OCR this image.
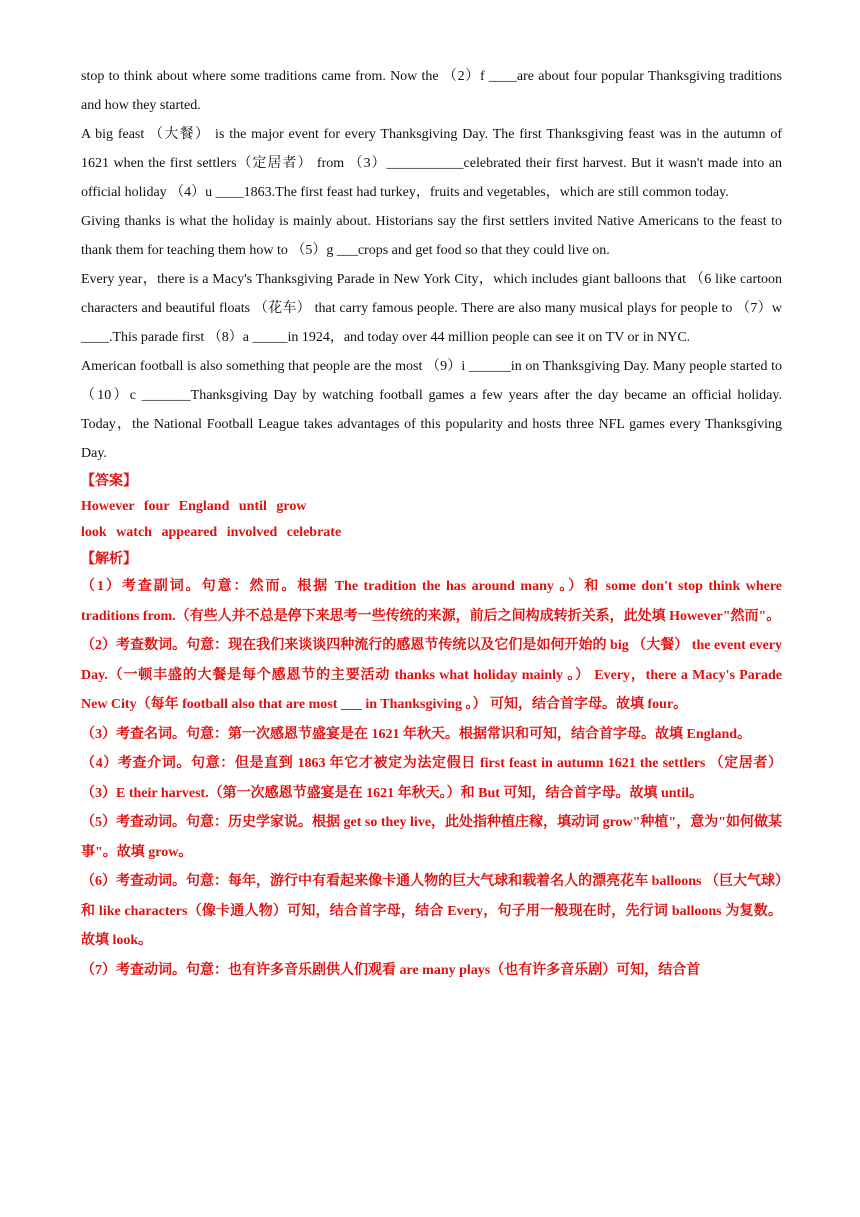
stop to think about where some traditions came from. Now the （2）f ____are about four popular Thanksgiving traditions and how they started.

A big feast （大餐） is the major event for every Thanksgiving Day. The first Thanksgiving feast was in the autumn of 1621 when the first settlers（定居者） from （3）___________celebrated their first harvest. But it wasn't made into an official holiday （4）u ____1863.The first feast had turkey，fruits and vegetables，which are still common today.

Giving thanks is what the holiday is mainly about. Historians say the first settlers invited Native Americans to the feast to thank them for teaching them how to （5）g ___crops and get food so that they could live on.

Every year，there is a Macy's Thanksgiving Parade in New York City，which includes giant balloons that （6 like cartoon characters and beautiful floats （花车） that carry famous people. There are also many musical plays for people to （7）w ____.This parade first （8）a _____in 1924，and today over 44 million people can see it on TV or in NYC.

American football is also something that people are the most （9）i ______in on Thanksgiving Day. Many people started to （10）c _______Thanksgiving Day by watching football games a few years after the day became an official holiday. Today，the National Football League takes advantages of this popularity and hosts three NFL games every Thanksgiving Day.

【答案】

However four England until grow

look watch appeared involved celebrate

【解析】

（1）考查副词。句意：然而。根据 The tradition the has around many 。）和 some don't stop think where traditions from.（有些人并不总是停下来思考一些传统的来源，前后之间构成转折关系，此处填 However"然而"。

（2）考查数词。句意：现在我们来谈谈四种流行的感恩节传统以及它们是如何开始的 big （大餐） the event every Day.（一顿丰盛的大餐是每个感恩节的主要活动 thanks what holiday mainly 。） Every，there a Macy's Parade New City（每年 football also that are most ___ in Thanksgiving 。） 可知，结合首字母。故填 four。

（3）考查名词。句意：第一次感恩节盛宴是在 1621 年秋天。根据常识和可知，结合首字母。故填 England。

（4）考查介词。句意：但是直到 1863 年它才被定为法定假日 first feast in autumn 1621 the settlers （定居者） （3）E their harvest.（第一次感恩节盛宴是在 1621 年秋天。）和 But 可知，结合首字母。故填 until。

（5）考查动词。句意：历史学家说。根据 get so they live，此处指种植庄稼，填动词 grow"种植"，意为"如何做某事"。故填 grow。

（6）考查动词。句意：每年，游行中有看起来像卡通人物的巨大气球和载着名人的漂亮花车 balloons （巨大气球）和 like characters（像卡通人物）可知，结合首字母，结合 Every，句子用一般现在时，先行词 balloons 为复数。故填 look。

（7）考查动词。句意：也有许多音乐剧供人们观看 are many plays（也有许多音乐剧）可知，结合首
